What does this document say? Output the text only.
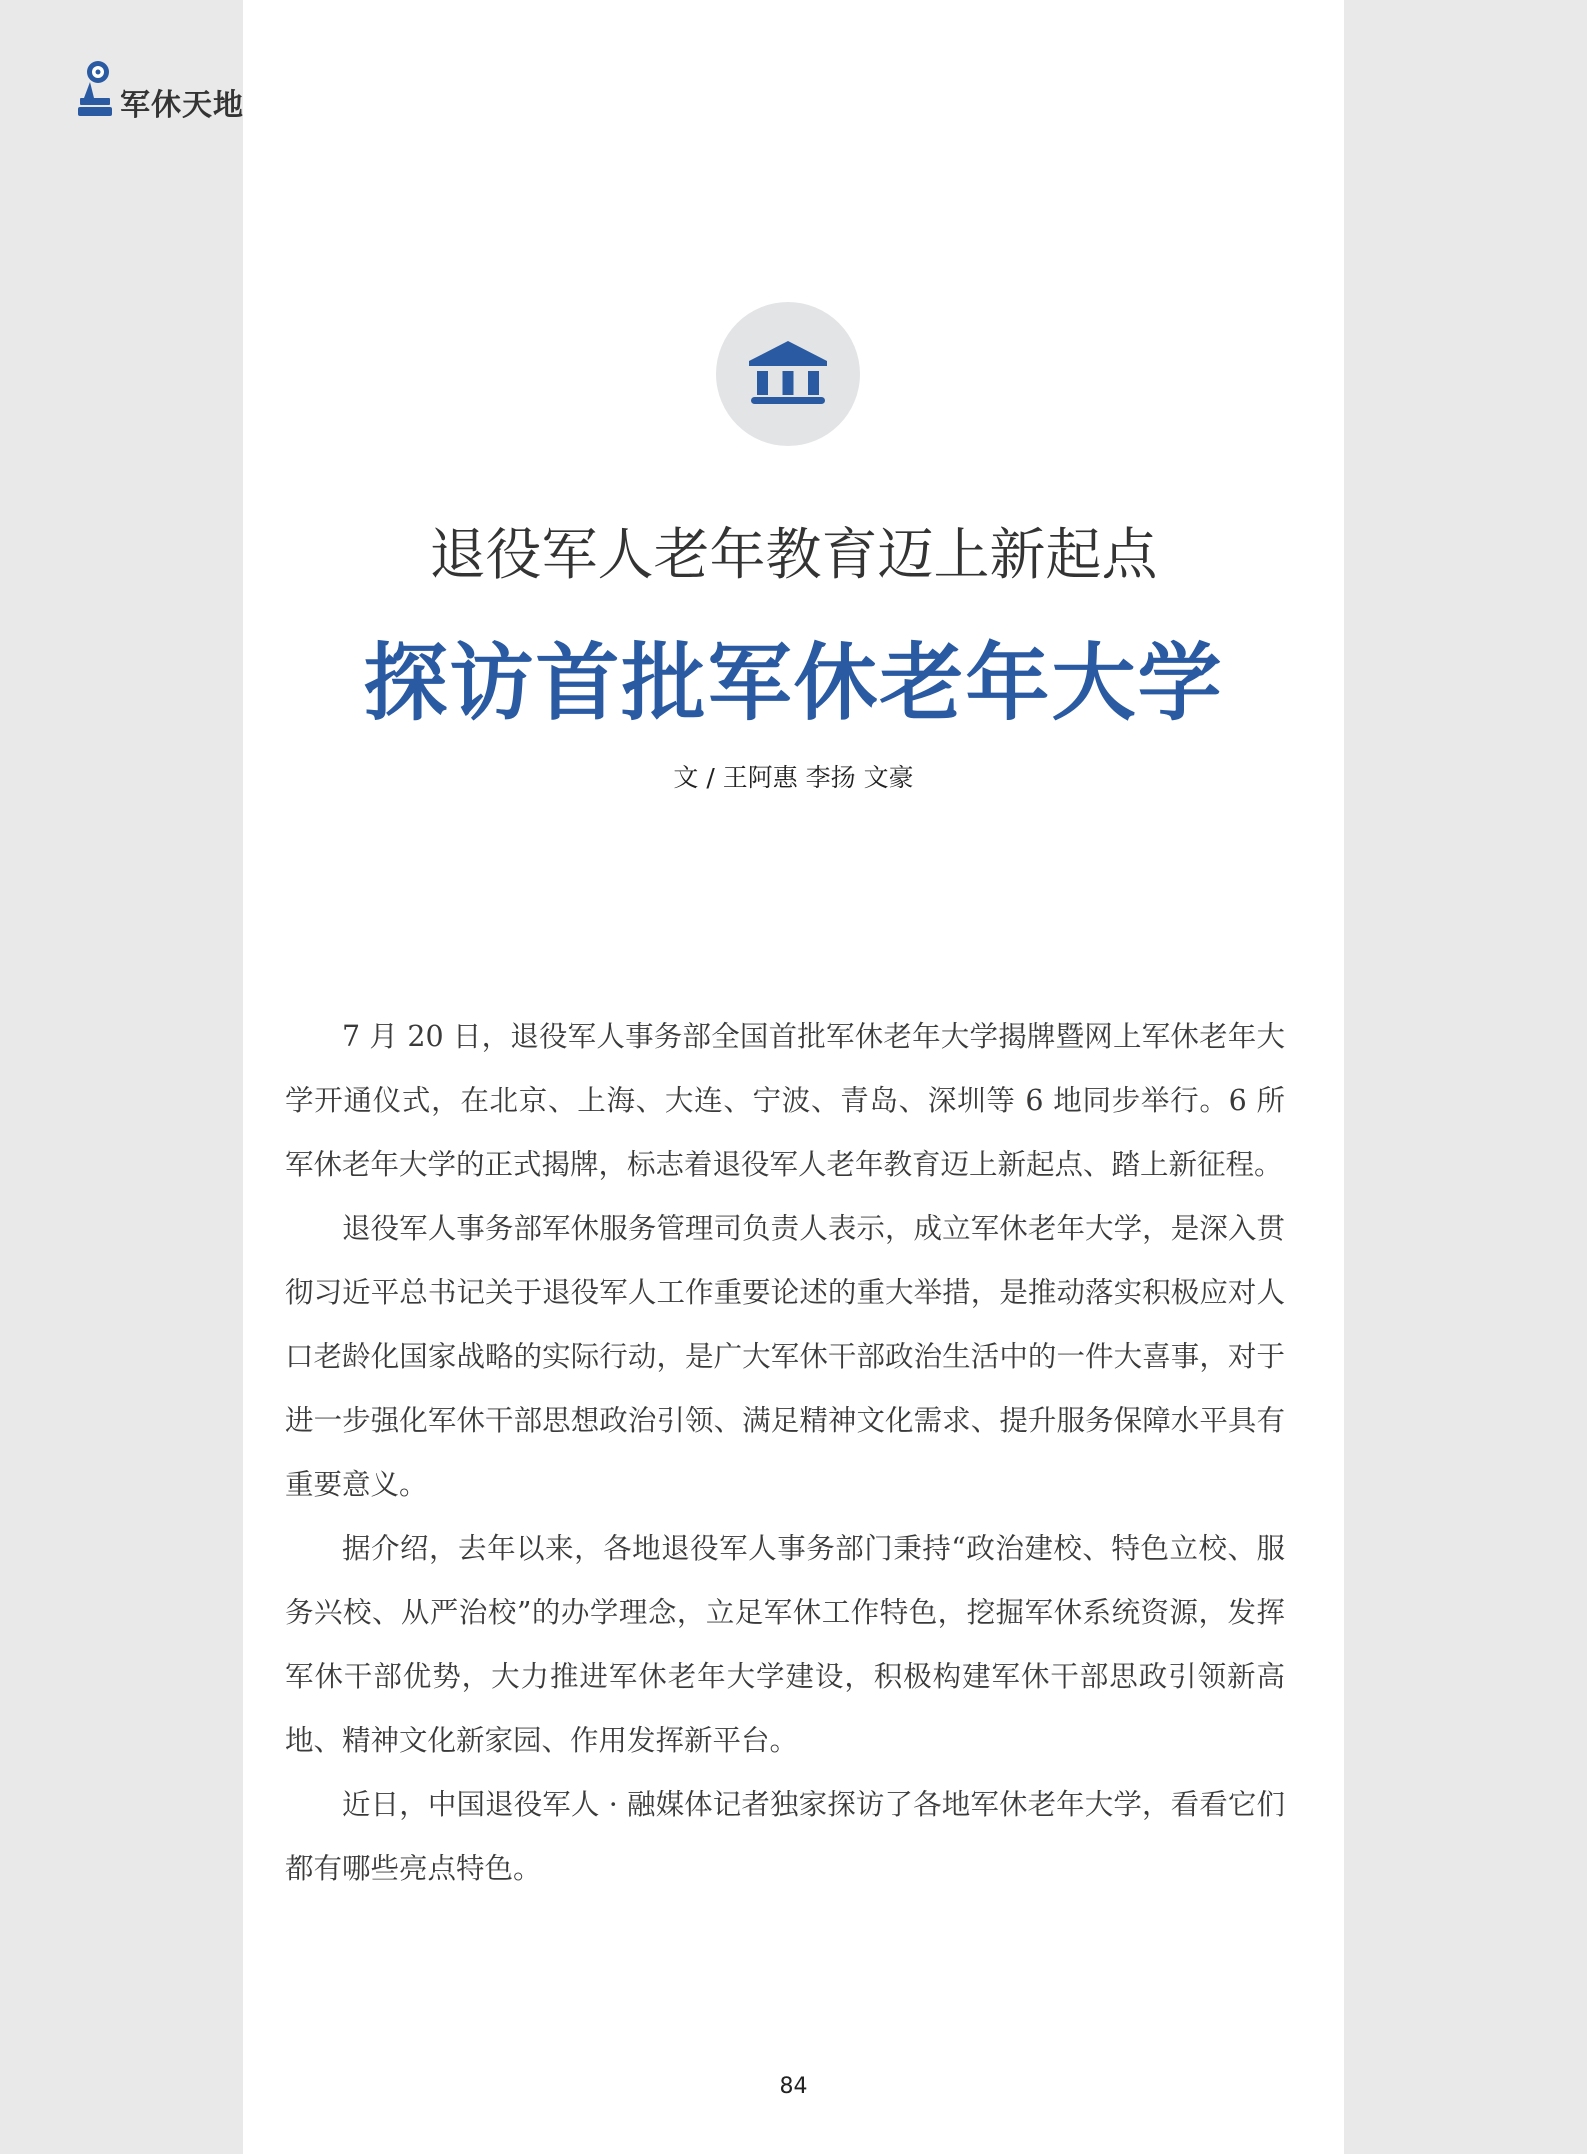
军休天地
退役军人老年教育迈上新起点
探访首批军休老年大学
文 / 王阿惠 李扬 文豪

7 月 20 日，退役军人事务部全国首批军休老年大学揭牌暨网上军休老年大学开通仪式，在北京、上海、大连、宁波、青岛、深圳等 6 地同步举行。6 所军休老年大学的正式揭牌，标志着退役军人老年教育迈上新起点、踏上新征程。

退役军人事务部军休服务管理司负责人表示，成立军休老年大学，是深入贯彻习近平总书记关于退役军人工作重要论述的重大举措，是推动落实积极应对人口老龄化国家战略的实际行动，是广大军休干部政治生活中的一件大喜事，对于进一步强化军休干部思想政治引领、满足精神文化需求、提升服务保障水平具有重要意义。

据介绍，去年以来，各地退役军人事务部门秉持“政治建校、特色立校、服务兴校、从严治校”的办学理念，立足军休工作特色，挖掘军休系统资源，发挥军休干部优势，大力推进军休老年大学建设，积极构建军休干部思政引领新高地、精神文化新家园、作用发挥新平台。

近日，中国退役军人 · 融媒体记者独家探访了各地军休老年大学，看看它们都有哪些亮点特色。

84
